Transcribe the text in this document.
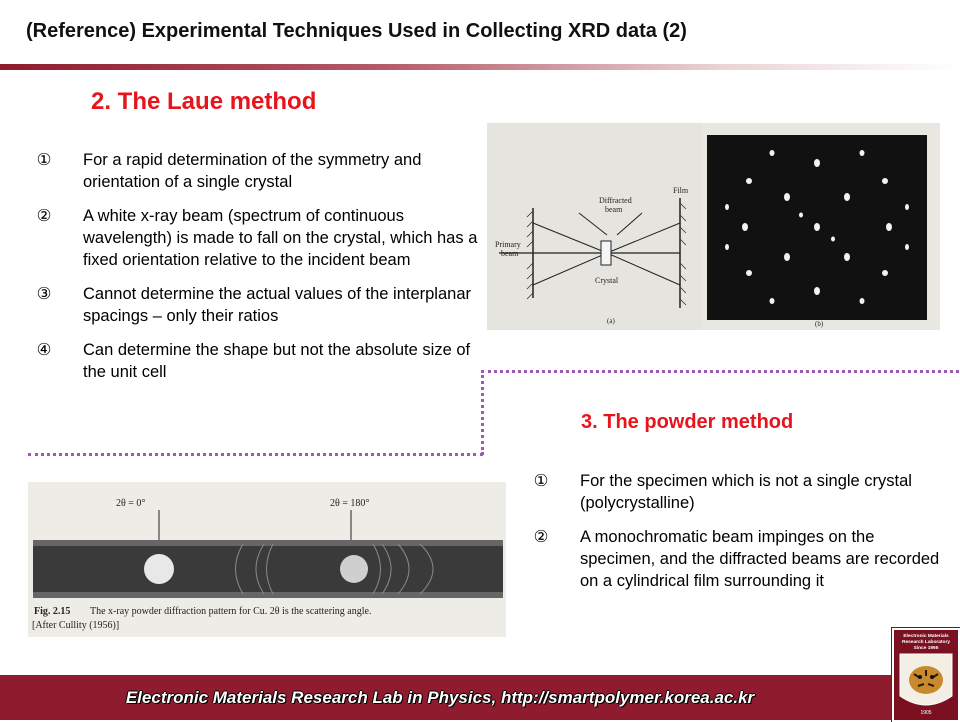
(Reference) Experimental Techniques Used in Collecting XRD data (2)
2. The Laue method
① For a rapid determination of the symmetry and orientation of a single crystal
② A white x-ray beam (spectrum of continuous wavelength) is made to fall on the crystal, which has a fixed orientation relative to the incident beam
③ Cannot determine the actual values of the interplanar spacings – only their ratios
④ Can determine the shape but not the absolute size of the unit cell
Primary
beam
Diffracted
beam
Film
Crystal
(a)	(b)
3. The powder method
① For the specimen which is not a single crystal (polycrystalline)
② A monochromatic beam impinges on the specimen, and the diffracted beams are recorded on a cylindrical film surrounding it
2θ = 0°	2θ = 180°
Fig. 2.15 The x-ray powder diffraction pattern for Cu. 2θ is the scattering angle.
[After Cullity (1956)]
Electronic Materials Research Lab in Physics, http://smartpolymer.korea.ac.kr
Electronic Materials
Research Laboratory
Since 1995
1905
